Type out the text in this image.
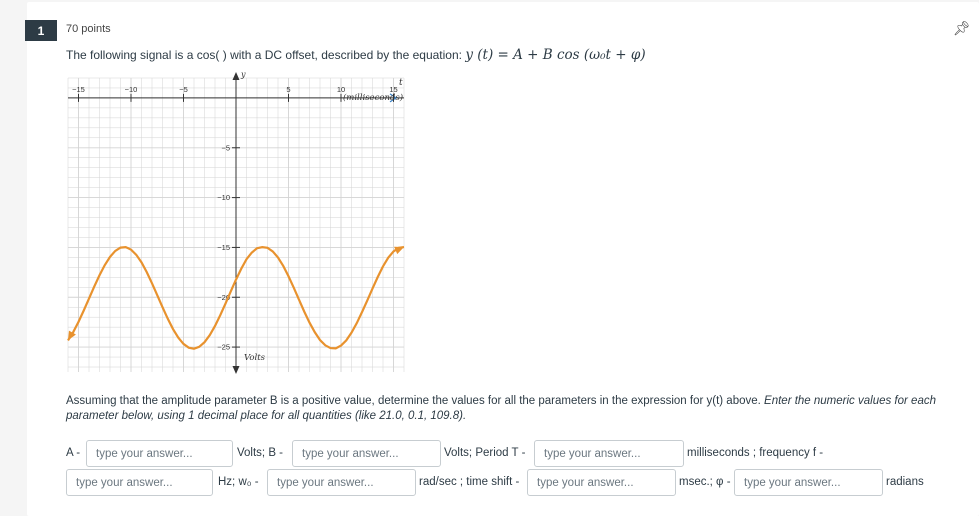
1	70 points	📌︎
The following signal is a cos( ) with a DC offset, described by the equation: y (t) = A + B cos (ω₀t + φ)
−15	−10	−5	5	10	15
−5
−10
−15
−20
−25
t
(milliseconds)
y
Volts
Assuming that the amplitude parameter B is a positive value, determine the values for all the parameters in the expression for y(t) above. Enter the numeric values for each parameter below, using 1 decimal place for all quantities (like 21.0, 0.1, 109.8).
A -
type your answer...	Volts; B -
type your answer...	Volts; Period T -
type your answer...	milliseconds ; frequency f -
type your answer...
Hz; w₀ -
type your answer...	rad/sec ; time shift -
type your answer...	msec.; φ -
type your answer...	radians
